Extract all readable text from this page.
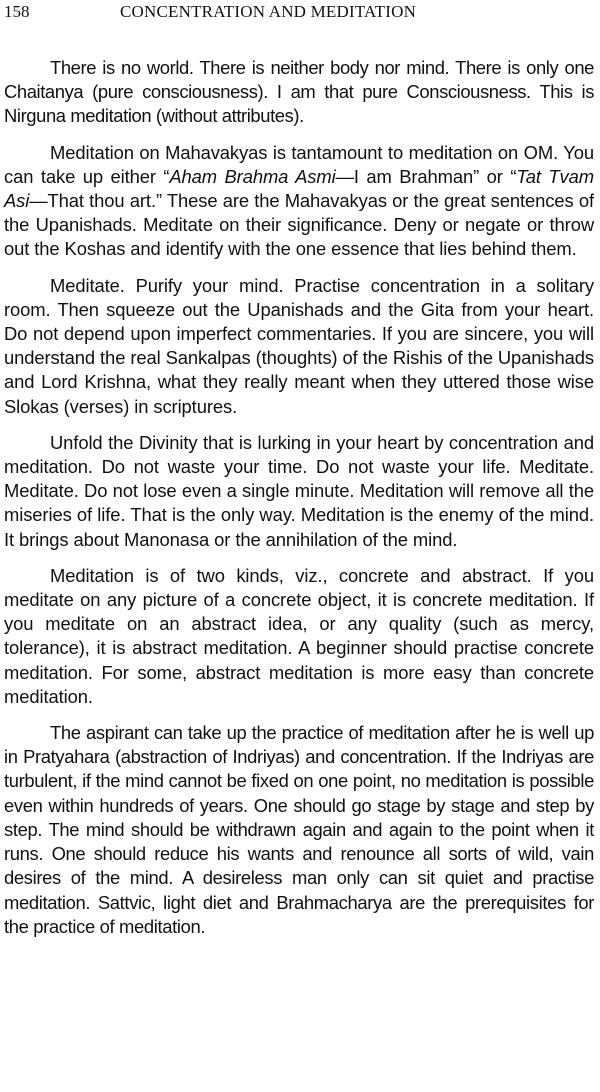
158	CONCENTRATION AND MEDITATION

There is no world. There is neither body nor mind. There is only one Chaitanya (pure consciousness). I am that pure Consciousness. This is Nirguna meditation (without attributes).

Meditation on Mahavakyas is tantamount to meditation on OM. You can take up either “Aham Brahma Asmi—I am Brahman” or “Tat Tvam Asi—That thou art.” These are the Mahavakyas or the great sentences of the Upanishads. Meditate on their significance. Deny or negate or throw out the Koshas and identify with the one essence that lies behind them.

Meditate. Purify your mind. Practise concentration in a solitary room. Then squeeze out the Upanishads and the Gita from your heart. Do not depend upon imperfect commentaries. If you are sincere, you will understand the real Sankalpas (thoughts) of the Rishis of the Upanishads and Lord Krishna, what they really meant when they uttered those wise Slokas (verses) in scriptures.

Unfold the Divinity that is lurking in your heart by concentration and meditation. Do not waste your time. Do not waste your life. Meditate. Meditate. Do not lose even a single minute. Meditation will remove all the miseries of life. That is the only way. Meditation is the enemy of the mind. It brings about Manonasa or the annihilation of the mind.

Meditation is of two kinds, viz., concrete and abstract. If you meditate on any picture of a concrete object, it is concrete meditation. If you meditate on an abstract idea, or any quality (such as mercy, tolerance), it is abstract meditation. A beginner should practise concrete meditation. For some, abstract meditation is more easy than concrete meditation.

The aspirant can take up the practice of meditation after he is well up in Pratyahara (abstraction of Indriyas) and concentration. If the Indriyas are turbulent, if the mind cannot be fixed on one point, no meditation is possible even within hundreds of years. One should go stage by stage and step by step. The mind should be withdrawn again and again to the point when it runs. One should reduce his wants and renounce all sorts of wild, vain desires of the mind. A desireless man only can sit quiet and practise meditation. Sattvic, light diet and Brahmacharya are the prerequisites for the practice of meditation.
